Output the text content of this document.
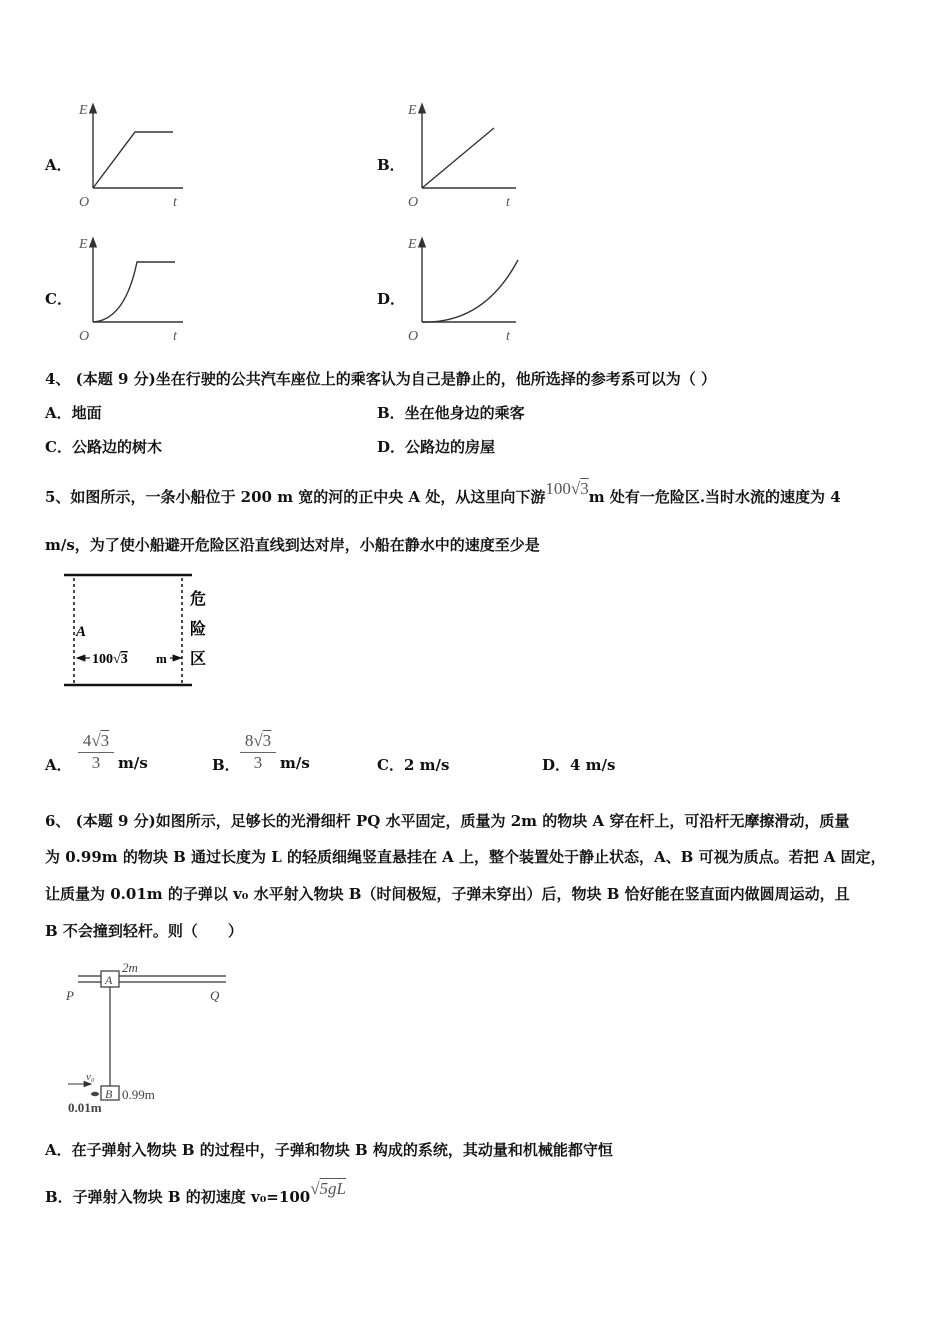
A．
E
t
O
B．
E
t
O
C．
E
t
O
D．
E
t
O
4、 (本题 9 分)坐在行驶的公共汽车座位上的乘客认为自己是静止的，他所选择的参考系可以为（ ）
A．地面	B．坐在他身边的乘客
C．公路边的树木	D．公路边的房屋
5、如图所示，一条小船位于 200 m 宽的河的正中央 A 处，从这里向下游100√3m 处有一危险区.当时水流的速度为 4
m/s，为了使小船避开危险区沿直线到达对岸，小船在静水中的速度至少是
A
100√3 m
危
险
区
A．
4√3
3	m/s	B．
8√3
3	m/s	C．2 m/s	D．4 m/s
6、 (本题 9 分)如图所示，足够长的光滑细杆 PQ 水平固定，质量为 2m 的物块 A 穿在杆上，可沿杆无摩擦滑动，质量
为 0.99m 的物块 B 通过长度为 L 的轻质细绳竖直悬挂在 A 上，整个装置处于静止状态，A、B 可视为质点。若把 A 固定，
让质量为 0.01m 的子弹以 v₀ 水平射入物块 B（时间极短，子弹未穿出）后，物块 B 恰好能在竖直面内做圆周运动，且
B 不会撞到轻杆。则（　　）
A
B
2m
P	Q
0.99m
v₀
0.01m
A．在子弹射入物块 B 的过程中，子弹和物块 B 构成的系统，其动量和机械能都守恒
B．子弹射入物块 B 的初速度 v₀=100√5gL
